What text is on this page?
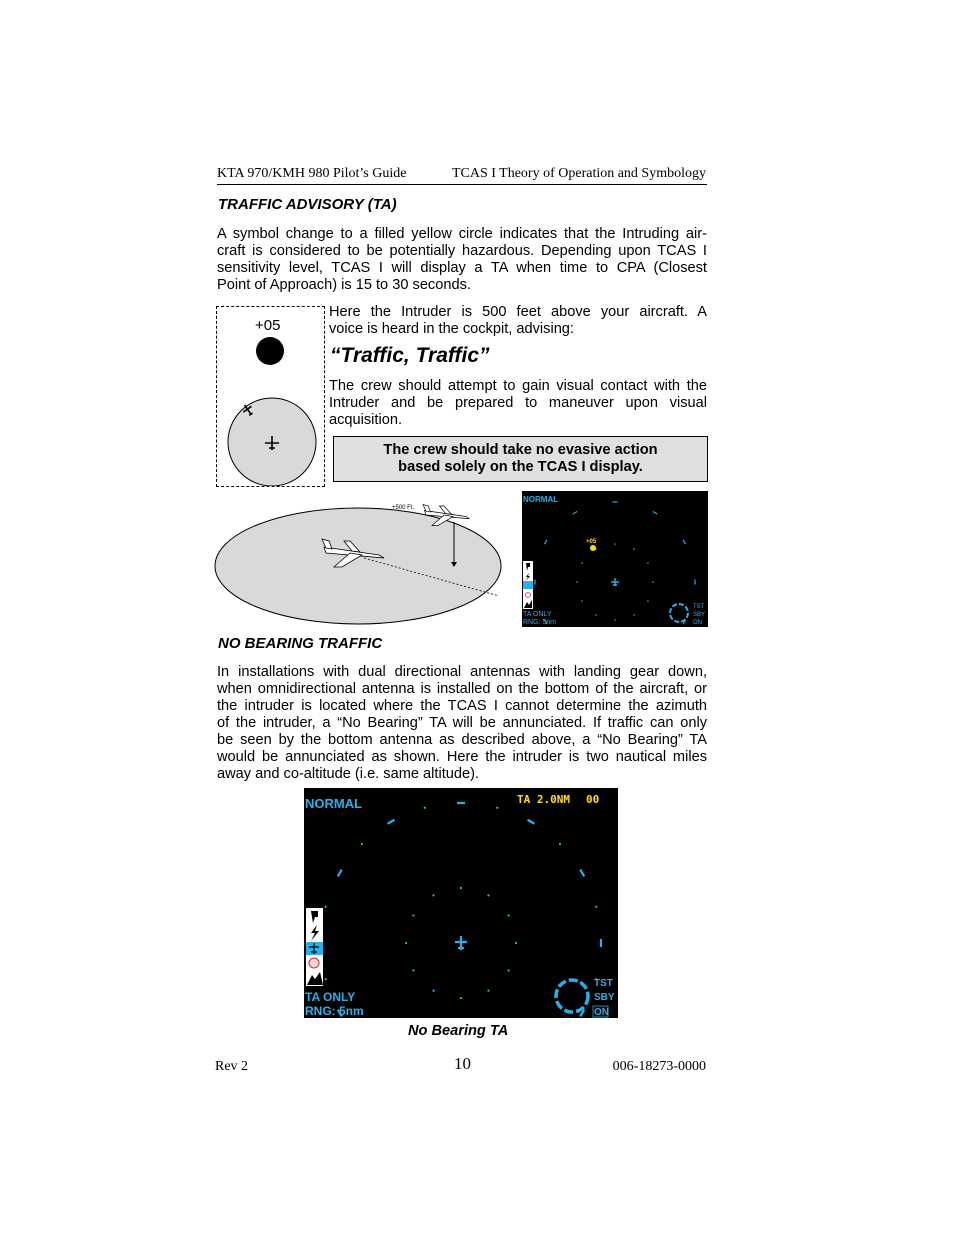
KTA 970/KMH 980 Pilot’s Guide	TCAS I Theory of Operation and Symbology
TRAFFIC ADVISORY (TA)
A symbol change to a filled yellow circle indicates that the Intruding air-
craft is considered to be potentially hazardous. Depending upon TCAS I
sensitivity level, TCAS I will display a TA when time to CPA (Closest
Point of Approach) is 15 to 30 seconds.
+05
Here the Intruder is 500 feet above your aircraft. A
voice is heard in the cockpit, advising:
“Traffic, Traffic”
The crew should attempt to gain visual contact with the
Intruder and be prepared to maneuver upon visual
acquisition.
The crew should take no evasive action
based solely on the TCAS I display.
+500 Ft.
NORMAL
+05
TA ONLY
RNG: 5nm
TST
SBY
ON
NO BEARING TRAFFIC
In installations with dual directional antennas with landing gear down,
when omnidirectional antenna is installed on the bottom of the aircraft, or
the intruder is located where the TCAS I cannot determine the azimuth
of the intruder, a “No Bearing” TA will be annunciated. If traffic can only
be seen by the bottom antenna as described above, a “No Bearing” TA
would be annunciated as shown. Here the intruder is two nautical miles
away and co-altitude (i.e. same altitude).
NORMAL	TA 2.0NM 00
TA ONLY
RNG: 5nm
TST
SBY
ON
No Bearing TA
Rev 2	10	006-18273-0000
